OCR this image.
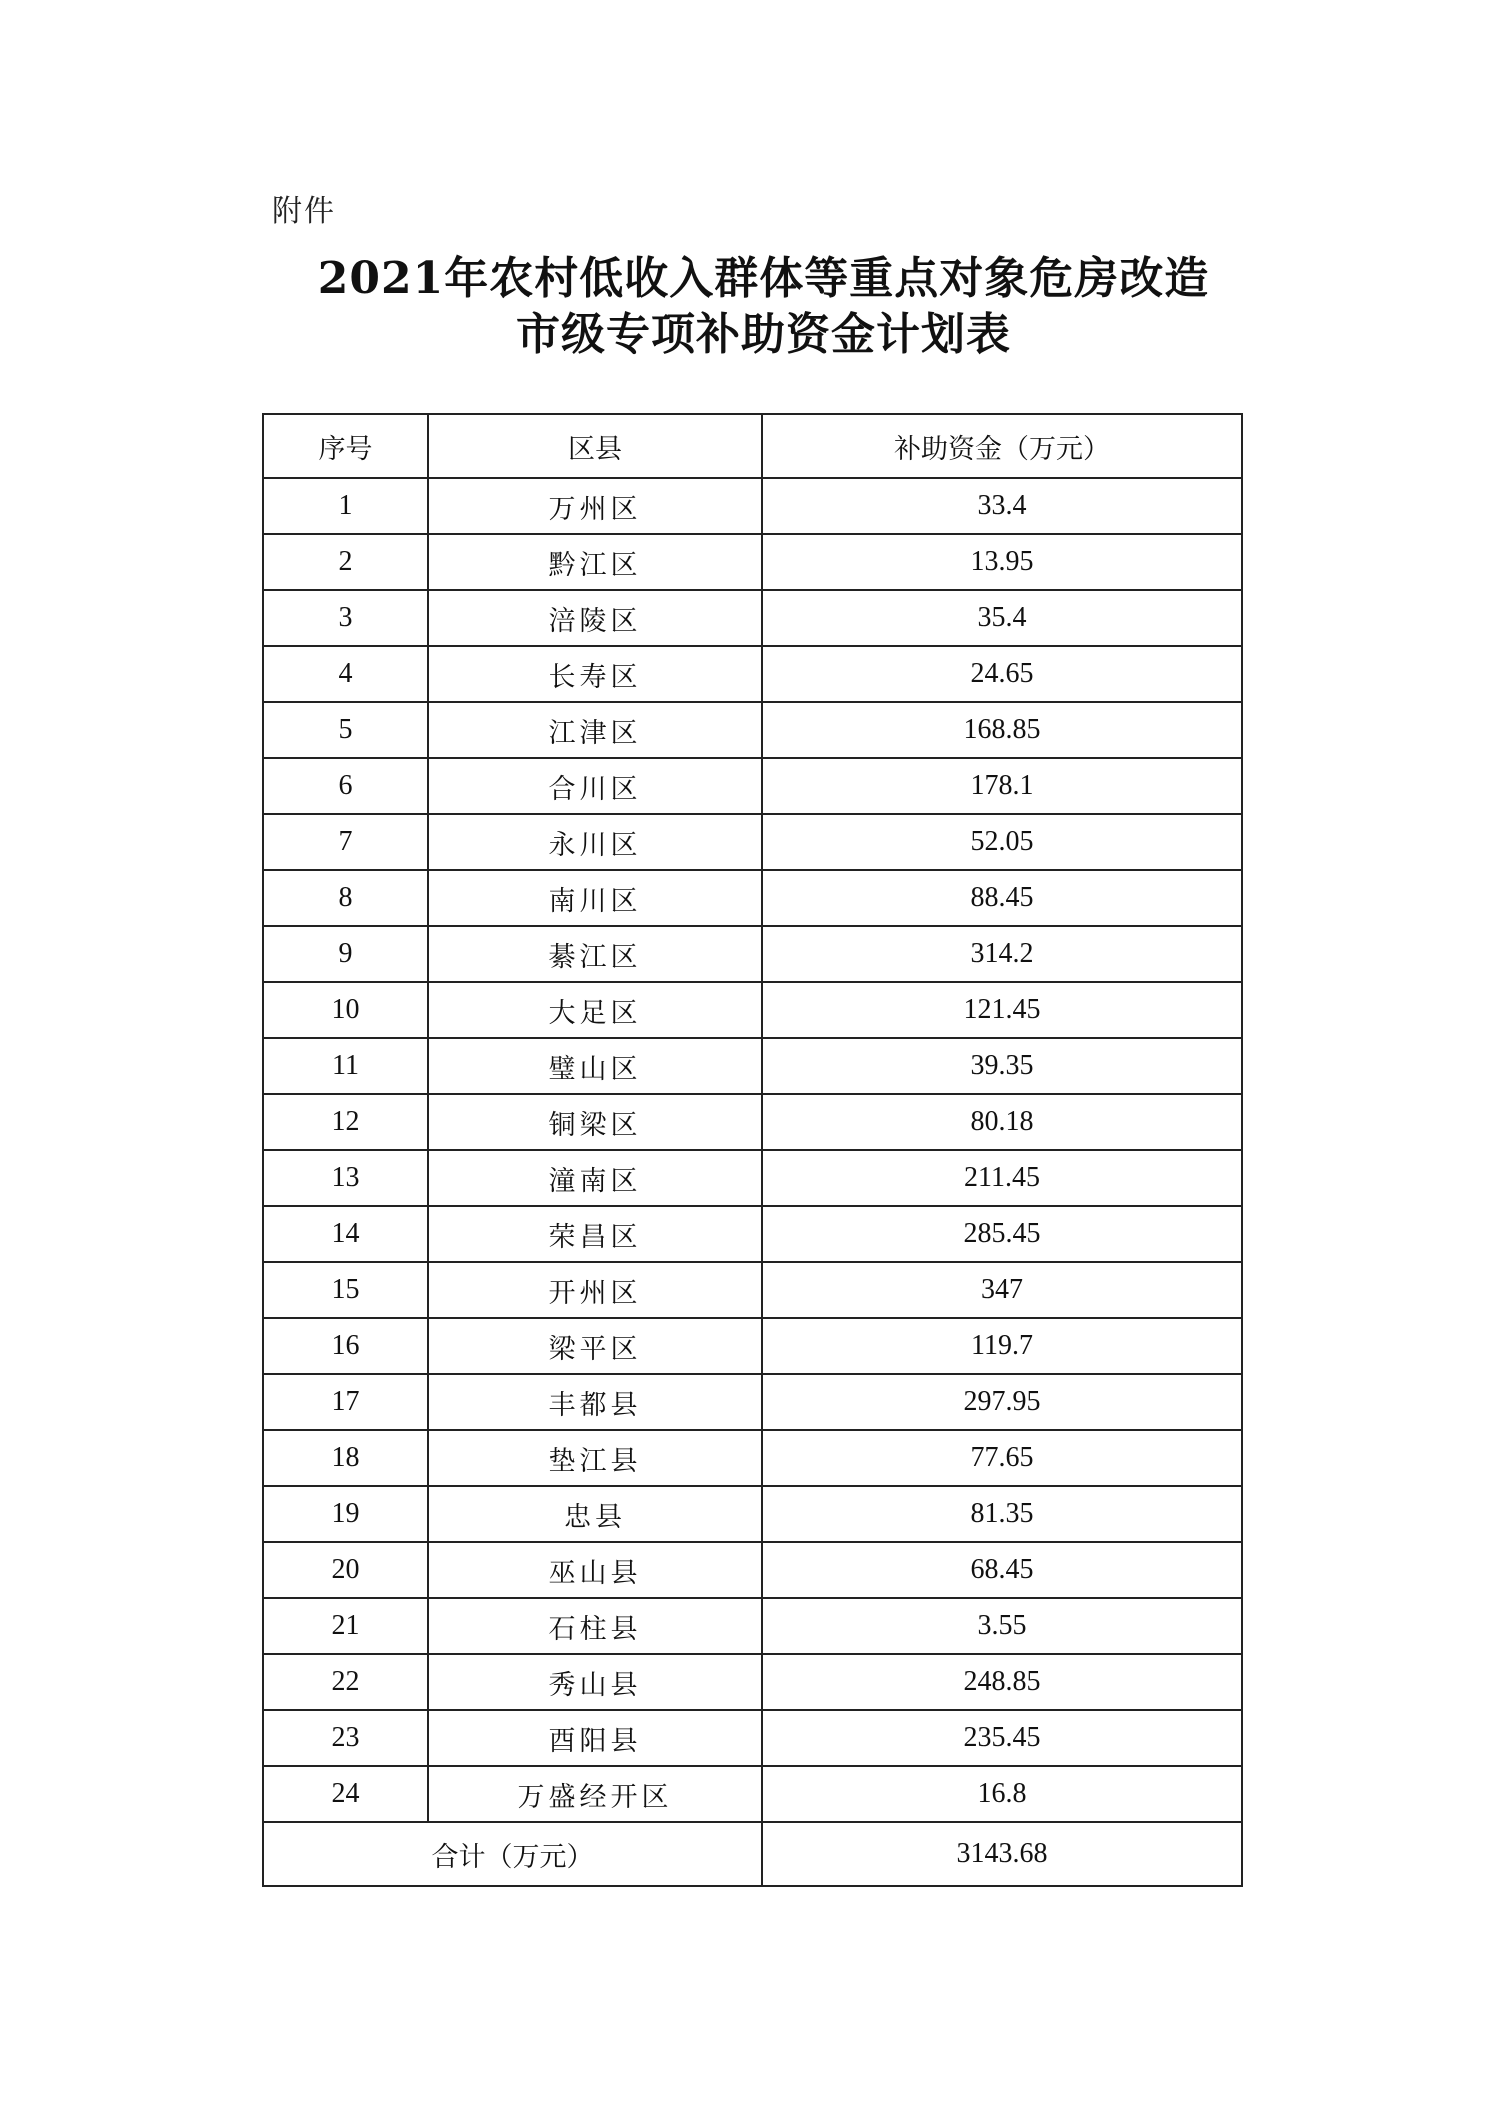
附件
2021年农村低收入群体等重点对象危房改造
市级专项补助资金计划表
序号	区县	补助资金（万元）
1	万州区	33.4
2	黔江区	13.95
3	涪陵区	35.4
4	长寿区	24.65
5	江津区	168.85
6	合川区	178.1
7	永川区	52.05
8	南川区	88.45
9	綦江区	314.2
10	大足区	121.45
11	璧山区	39.35
12	铜梁区	80.18
13	潼南区	211.45
14	荣昌区	285.45
15	开州区	347
16	梁平区	119.7
17	丰都县	297.95
18	垫江县	77.65
19	忠县	81.35
20	巫山县	68.45
21	石柱县	3.55
22	秀山县	248.85
23	酉阳县	235.45
24	万盛经开区	16.8
合计（万元）		3143.68
